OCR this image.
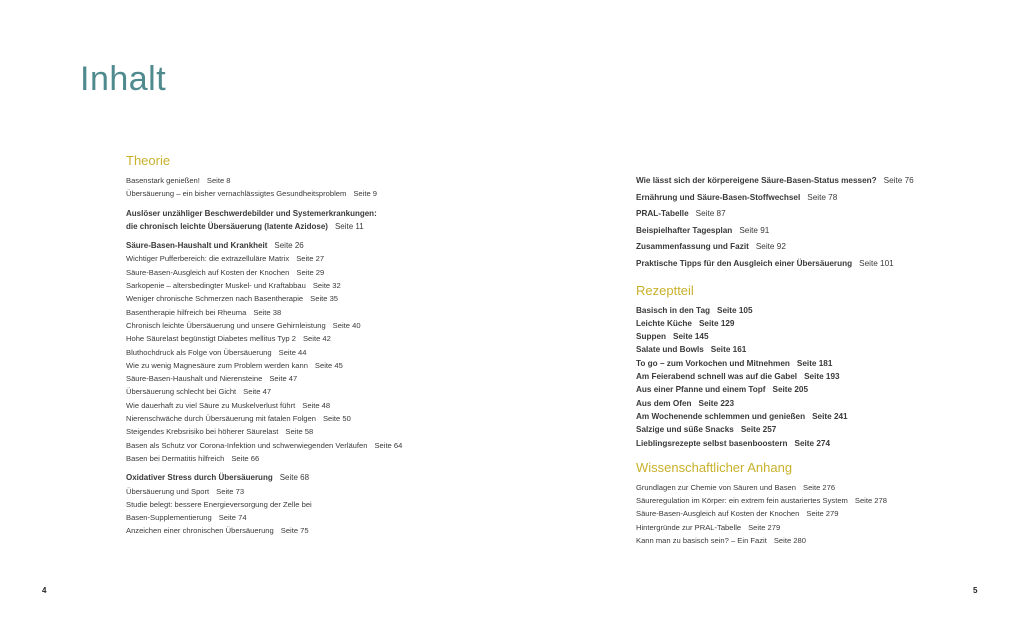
Inhalt
Theorie
Basenstark genießen! Seite 8
Übersäuerung – ein bisher vernachlässigtes Gesundheitsproblem Seite 9
Auslöser unzähliger Beschwerdebilder und Systemerkrankungen:
die chronisch leichte Übersäuerung (latente Azidose) Seite 11
Säure-Basen-Haushalt und Krankheit Seite 26
Wichtiger Pufferbereich: die extrazelluläre Matrix Seite 27
Säure-Basen-Ausgleich auf Kosten der Knochen Seite 29
Sarkopenie – altersbedingter Muskel- und Kraftabbau Seite 32
Weniger chronische Schmerzen nach Basentherapie Seite 35
Basentherapie hilfreich bei Rheuma Seite 38
Chronisch leichte Übersäuerung und unsere Gehirnleistung Seite 40
Hohe Säurelast begünstigt Diabetes mellitus Typ 2 Seite 42
Bluthochdruck als Folge von Übersäuerung Seite 44
Wie zu wenig Magnesäure zum Problem werden kann Seite 45
Säure-Basen-Haushalt und Nierensteine Seite 47
Übersäuerung schlecht bei Gicht Seite 47
Wie dauerhaft zu viel Säure zu Muskelverlust führt Seite 48
Nierenschwäche durch Übersäuerung mit fatalen Folgen Seite 50
Steigendes Krebsrisiko bei höherer Säurelast Seite 58
Basen als Schutz vor Corona-Infektion und schwerwiegenden Verläufen Seite 64
Basen bei Dermatitis hilfreich Seite 66
Oxidativer Stress durch Übersäuerung Seite 68
Übersäuerung und Sport Seite 73
Studie belegt: bessere Energieversorgung der Zelle bei
Basen-Supplementierung Seite 74
Anzeichen einer chronischen Übersäuerung Seite 75
Wie lässt sich der körpereigene Säure-Basen-Status messen? Seite 76
Ernährung und Säure-Basen-Stoffwechsel Seite 78
PRAL-Tabelle Seite 87
Beispielhafter Tagesplan Seite 91
Zusammenfassung und Fazit Seite 92
Praktische Tipps für den Ausgleich einer Übersäuerung Seite 101
Rezeptteil
Basisch in den Tag Seite 105
Leichte Küche Seite 129
Suppen Seite 145
Salate und Bowls Seite 161
To go – zum Vorkochen und Mitnehmen Seite 181
Am Feierabend schnell was auf die Gabel Seite 193
Aus einer Pfanne und einem Topf Seite 205
Aus dem Ofen Seite 223
Am Wochenende schlemmen und genießen Seite 241
Salzige und süße Snacks Seite 257
Lieblingsrezepte selbst basenboostern Seite 274
Wissenschaftlicher Anhang
Grundlagen zur Chemie von Säuren und Basen Seite 276
Säureregulation im Körper: ein extrem fein austariertes System Seite 278
Säure-Basen-Ausgleich auf Kosten der Knochen Seite 279
Hintergründe zur PRAL-Tabelle Seite 279
Kann man zu basisch sein? – Ein Fazit Seite 280
4	5
